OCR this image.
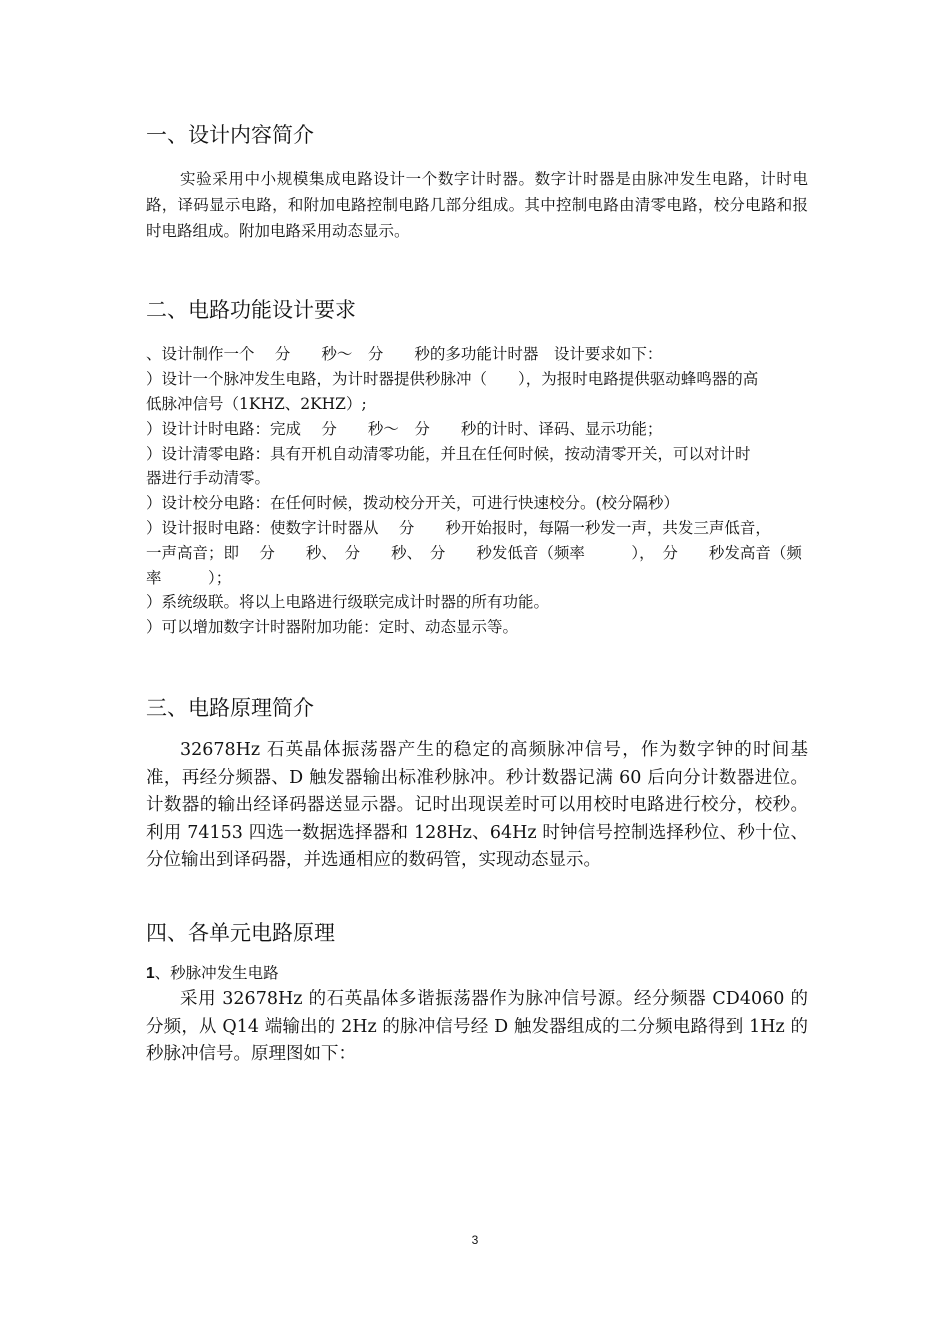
一、设计内容简介

实验采用中小规模集成电路设计一个数字计时器。数字计时器是由脉冲发生电路，计时电路，译码显示电路，和附加电路控制电路几部分组成。其中控制电路由清零电路，校分电路和报时电路组成。附加电路采用动态显示。

二、电路功能设计要求

、设计制作一个　 分　　秒～　分　　秒的多功能计时器　设计要求如下：

）设计一个脉冲发生电路，为计时器提供秒脉冲（　　），为报时电路提供驱动蜂鸣器的高

低脉冲信号（1KHZ、2KHZ）;

）设计计时电路：完成　 分　　秒～　分　　秒的计时、译码、显示功能；

）设计清零电路：具有开机自动清零功能，并且在任何时候，按动清零开关，可以对计时

器进行手动清零。

）设计校分电路：在任何时候，拨动校分开关，可进行快速校分。(校分隔秒）

）设计报时电路：使数字计时器从　 分　　秒开始报时，每隔一秒发一声，共发三声低音，

一声高音；即　 分　　秒、　分　　秒、　分　　秒发低音（频率　　　），　分　　秒发高音（频

率　　　）；

）系统级联。将以上电路进行级联完成计时器的所有功能。

）可以增加数字计时器附加功能：定时、动态显示等。

三、电路原理简介

32678Hz 石英晶体振荡器产生的稳定的高频脉冲信号，作为数字钟的时间基准，再经分频器、D 触发器输出标准秒脉冲。秒计数器记满 60 后向分计数器进位。计数器的输出经译码器送显示器。记时出现误差时可以用校时电路进行校分，校秒。利用 74153 四选一数据选择器和 128Hz、64Hz 时钟信号控制选择秒位、秒十位、分位输出到译码器，并选通相应的数码管，实现动态显示。

四、各单元电路原理

1、秒脉冲发生电路

采用 32678Hz 的石英晶体多谐振荡器作为脉冲信号源。经分频器 CD4060 的分频，从 Q14 端输出的 2Hz 的脉冲信号经 D 触发器组成的二分频电路得到 1Hz 的秒脉冲信号。原理图如下：

3
